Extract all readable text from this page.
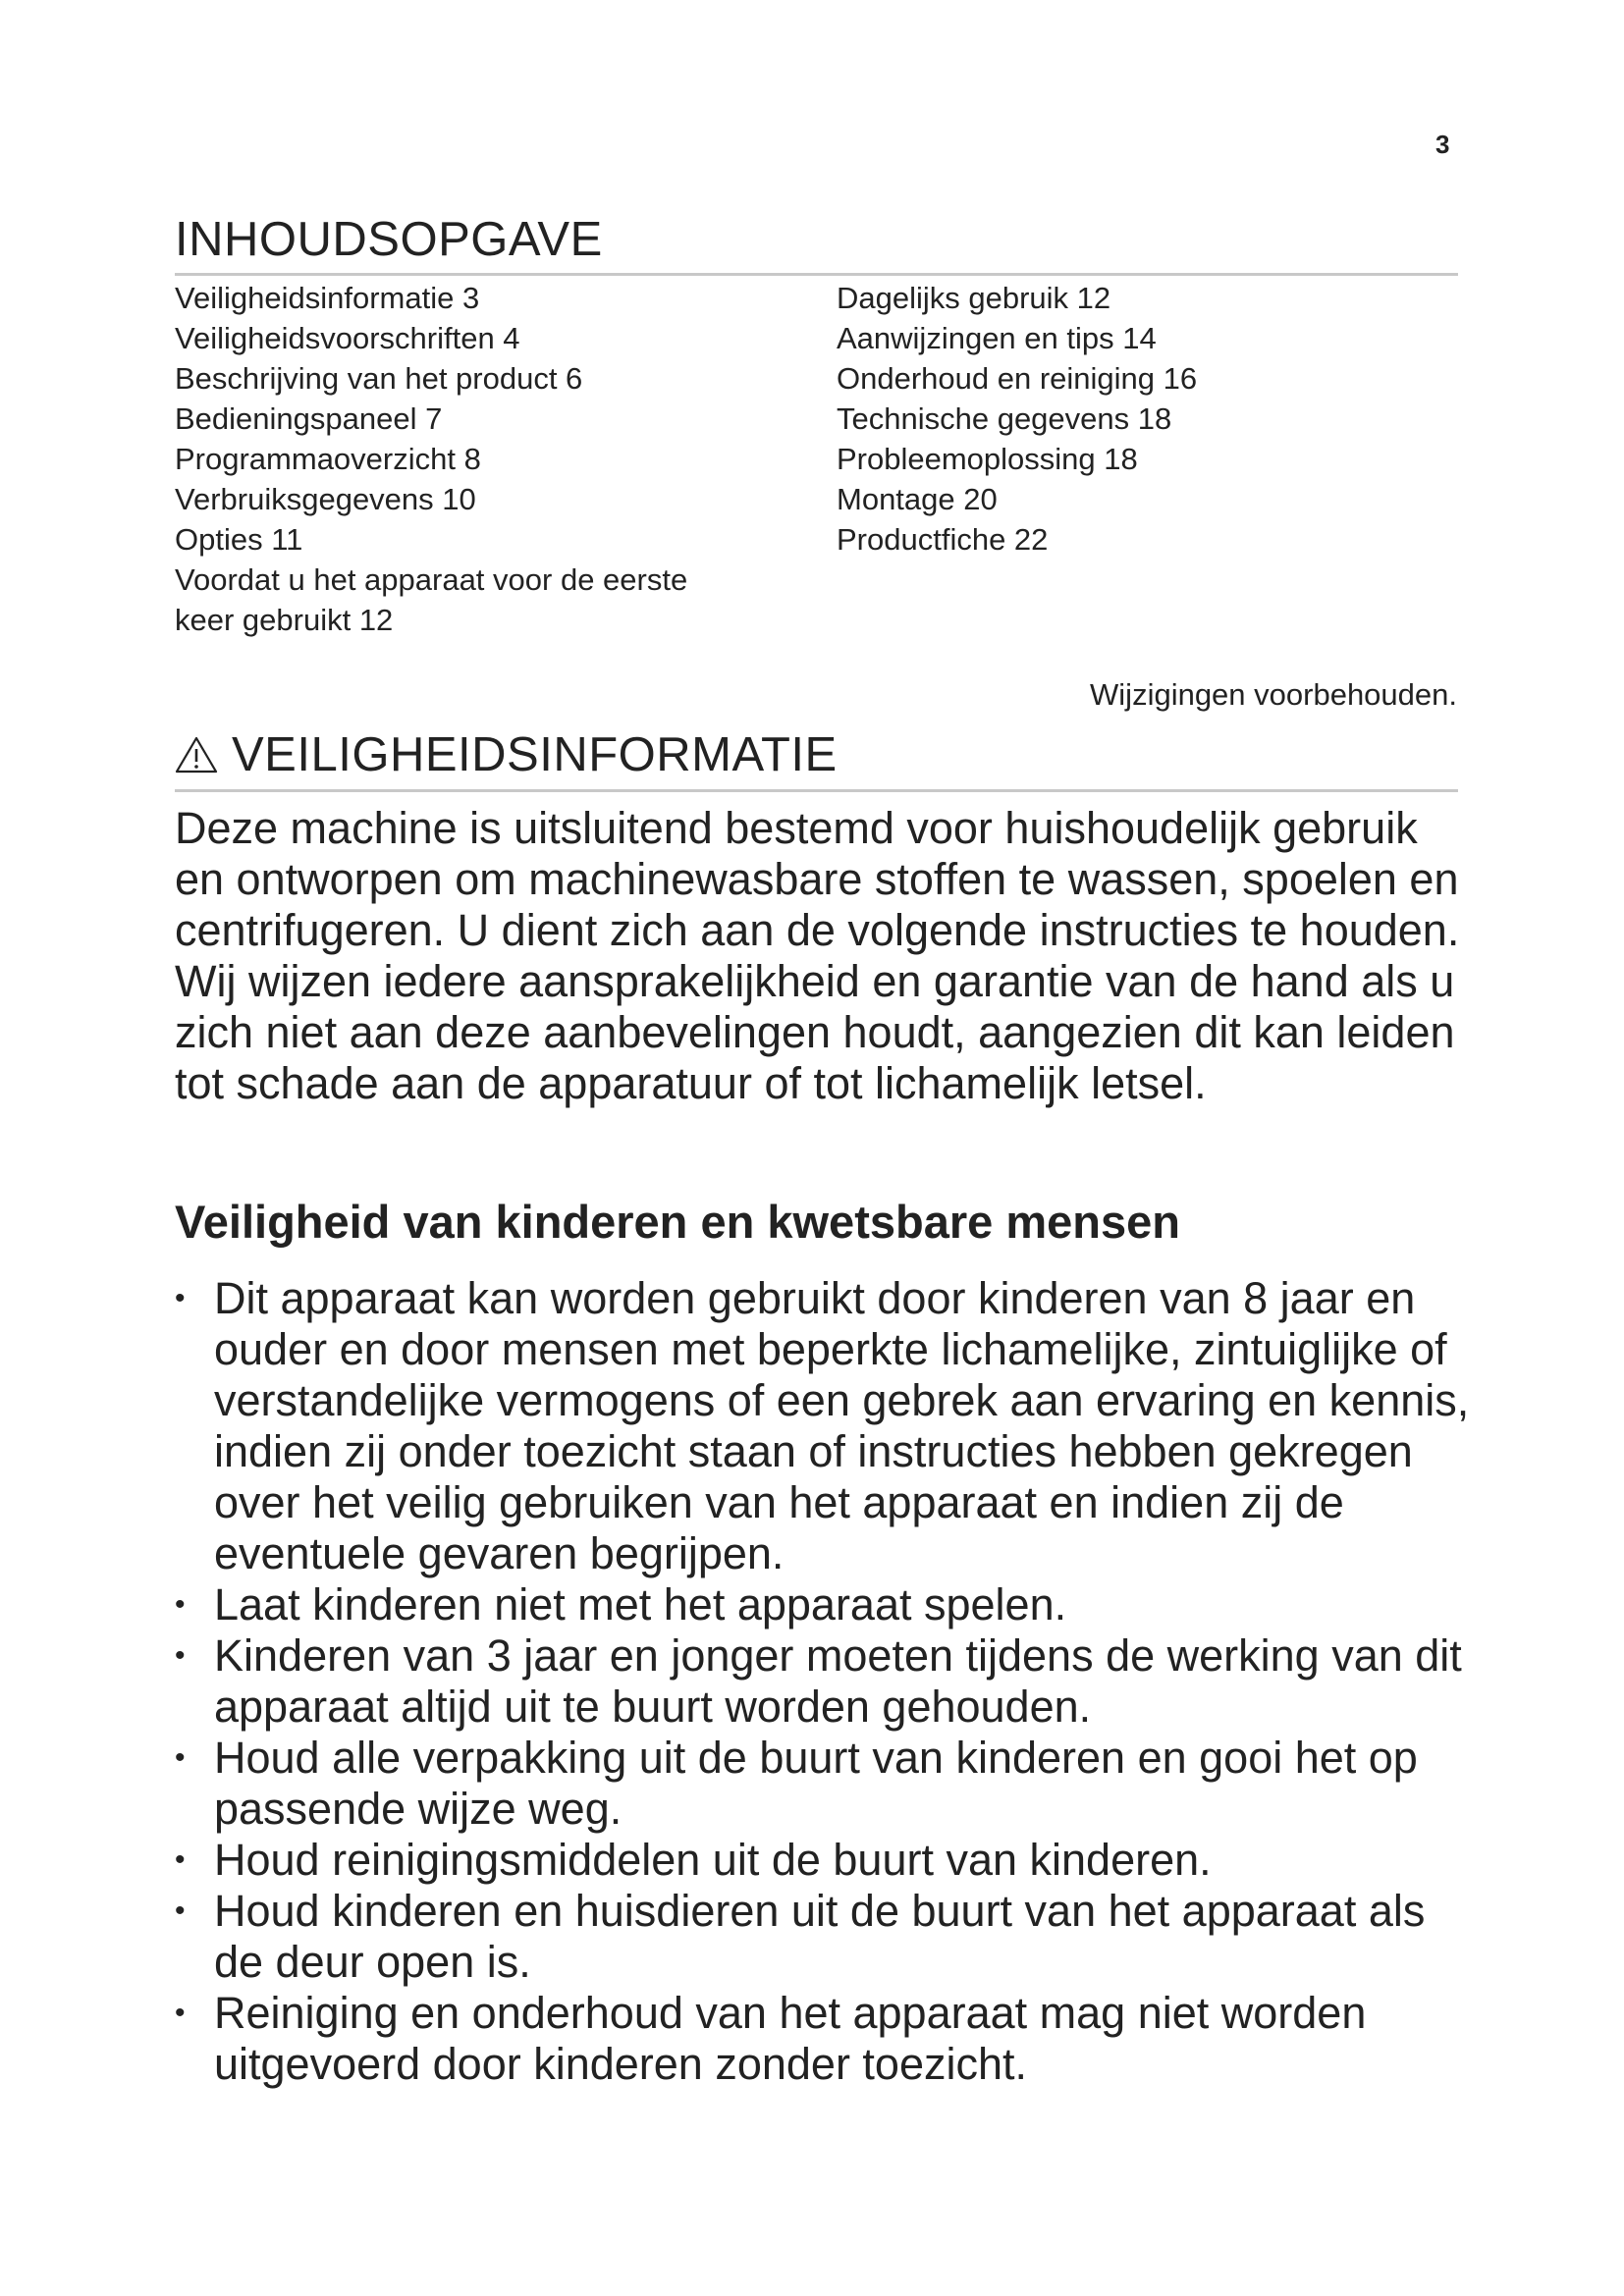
3
INHOUDSOPGAVE
Veiligheidsinformatie 3
Veiligheidsvoorschriften 4
Beschrijving van het product 6
Bedieningspaneel 7
Programmaoverzicht 8
Verbruiksgegevens 10
Opties 11
Voordat u het apparaat voor de eerste
keer gebruikt 12
Dagelijks gebruik 12
Aanwijzingen en tips 14
Onderhoud en reiniging 16
Technische gegevens 18
Probleemoplossing 18
Montage 20
Productfiche 22
Wijzigingen voorbehouden.
VEILIGHEIDSINFORMATIE

Deze machine is uitsluitend bestemd voor huishoudelijk gebruik en ontworpen om machinewasbare stoffen te wassen, spoelen en centrifugeren. U dient zich aan de volgende instructies te houden. Wij wijzen iedere aansprakelijkheid en garantie van de hand als u zich niet aan deze aanbevelingen houdt, aangezien dit kan leiden tot schade aan de apparatuur of tot lichamelijk letsel.

Veiligheid van kinderen en kwetsbare mensen
• Dit apparaat kan worden gebruikt door kinderen van 8 jaar en ouder en door mensen met beperkte lichamelijke, zintuiglijke of verstandelijke vermogens of een gebrek aan ervaring en kennis, indien zij onder toezicht staan of instructies hebben gekregen over het veilig gebruiken van het apparaat en indien zij de eventuele gevaren begrijpen.
• Laat kinderen niet met het apparaat spelen.
• Kinderen van 3 jaar en jonger moeten tijdens de werking van dit apparaat altijd uit te buurt worden gehouden.
• Houd alle verpakking uit de buurt van kinderen en gooi het op passende wijze weg.
• Houd reinigingsmiddelen uit de buurt van kinderen.
• Houd kinderen en huisdieren uit de buurt van het apparaat als de deur open is.
• Reiniging en onderhoud van het apparaat mag niet worden uitgevoerd door kinderen zonder toezicht.
